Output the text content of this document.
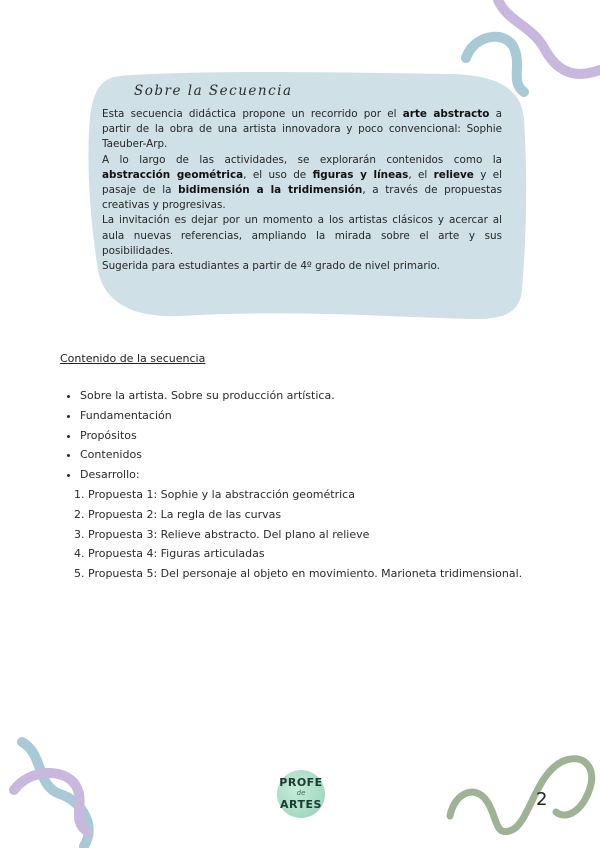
Sobre la Secuencia

Esta secuencia didáctica propone un recorrido por el arte abstracto a partir de la obra de una artista innovadora y poco convencional: Sophie Taeuber-Arp.

A lo largo de las actividades, se explorarán contenidos como la abstracción geométrica, el uso de figuras y líneas, el relieve y el pasaje de la bidimensión a la tridimensión, a través de propuestas creativas y progresivas.

La invitación es dejar por un momento a los artistas clásicos y acercar al aula nuevas referencias, ampliando la mirada sobre el arte y sus posibilidades.

Sugerida para estudiantes a partir de 4º grado de nivel primario.

Contenido de la secuencia
• Sobre la artista. Sobre su producción artística.
• Fundamentación
• Propósitos
• Contenidos
• Desarrollo:
1. Propuesta 1: Sophie y la abstracción geométrica
2. Propuesta 2: La regla de las curvas
3. Propuesta 3: Relieve abstracto. Del plano al relieve
4. Propuesta 4: Figuras articuladas
5. Propuesta 5: Del personaje al objeto en movimiento. Marioneta tridimensional.
PROFE
de
ARTES	2
